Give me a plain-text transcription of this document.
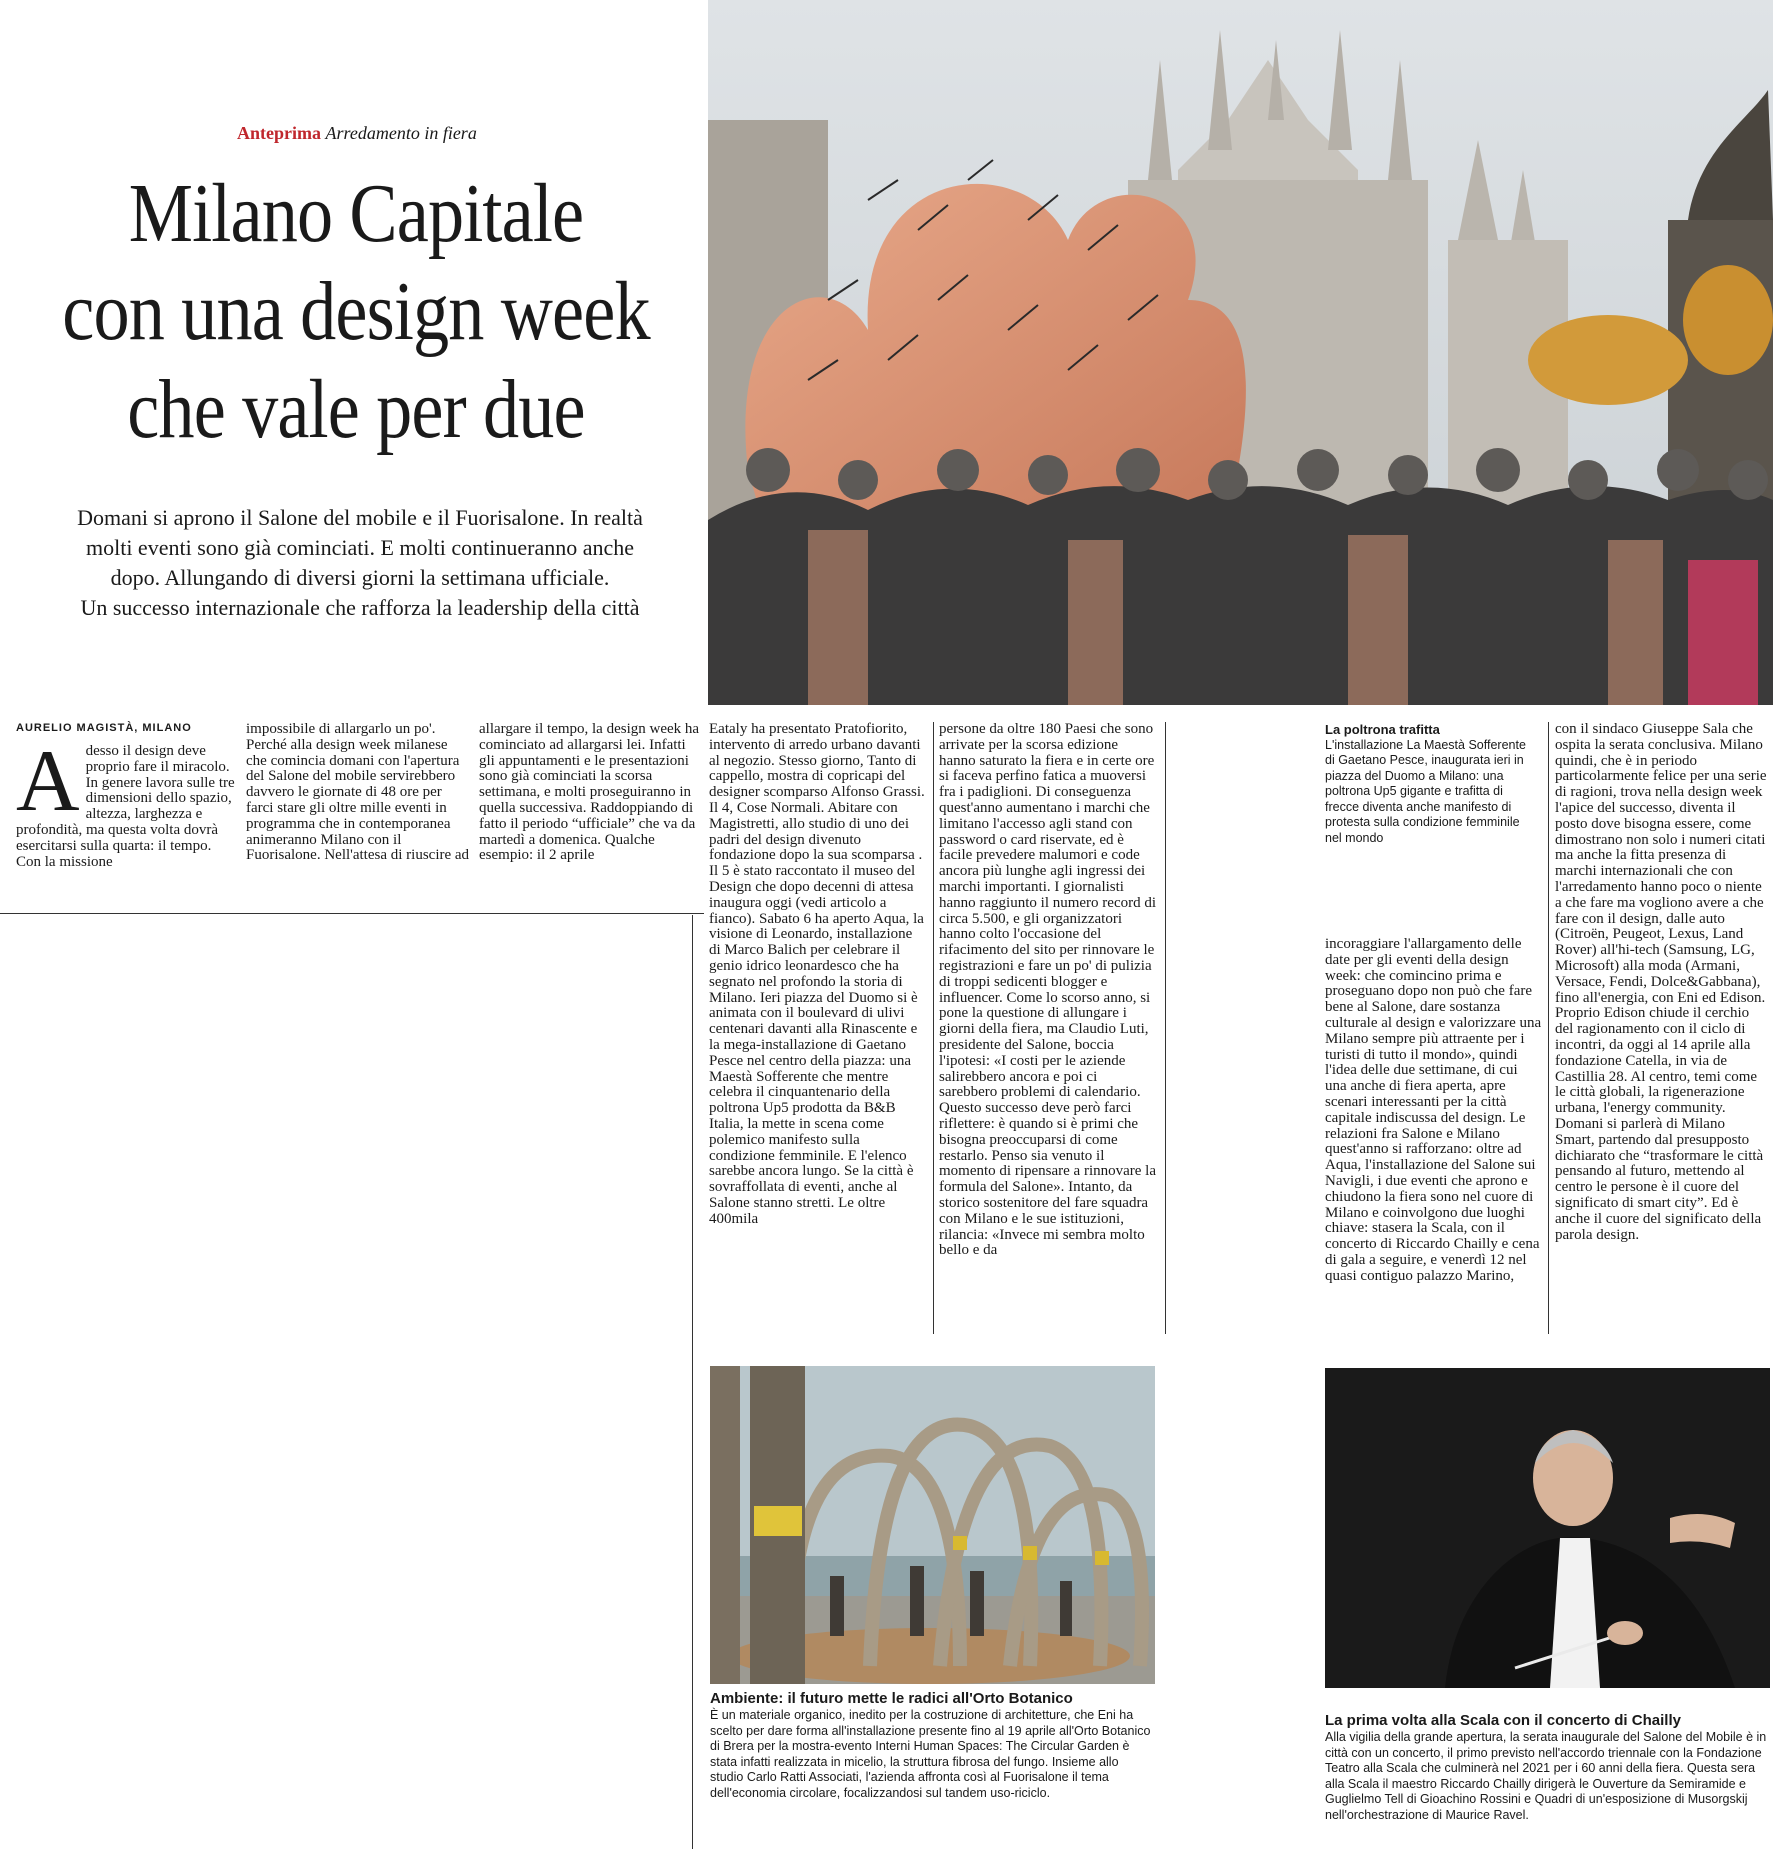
Anteprima Arredamento in fiera
Milano Capitale
con una design week
che vale per due
Domani si aprono il Salone del mobile e il Fuorisalone. In realtà
molti eventi sono già cominciati. E molti continueranno anche
dopo. Allungando di diversi giorni la settimana ufficiale.
Un successo internazionale che rafforza la leadership della città
AURELIO MAGISTÀ, MILANO
A desso il design deve proprio fare il miracolo. In genere lavora sulle tre dimensioni dello spazio, altezza, larghezza e profondità, ma questa volta dovrà esercitarsi sulla quarta: il tempo. Con la missione
impossibile di allargarlo un po'. Perché alla design week milanese che comincia domani con l'apertura del Salone del mobile servirebbero davvero le giornate di 48 ore per farci stare gli oltre mille eventi in programma che in contemporanea animeranno Milano con il Fuorisalone. Nell'attesa di riuscire ad
allargare il tempo, la design week ha cominciato ad allargarsi lei. Infatti gli appuntamenti e le presentazioni sono già cominciati la scorsa settimana, e molti proseguiranno in quella successiva. Raddoppiando di fatto il periodo “ufficiale” che va da martedì a domenica. Qualche esempio: il 2 aprile
Eataly ha presentato Pratofiorito, intervento di arredo urbano davanti al negozio. Stesso giorno, Tanto di cappello, mostra di copricapi del designer scomparso Alfonso Grassi. Il 4, Cose Normali. Abitare con Magistretti, allo studio di uno dei padri del design divenuto fondazione dopo la sua scomparsa . Il 5 è stato raccontato il museo del Design che dopo decenni di attesa inaugura oggi (vedi articolo a fianco). Sabato 6 ha aperto Aqua, la visione di Leonardo, installazione di Marco Balich per celebrare il genio idrico leonardesco che ha segnato nel profondo la storia di Milano. Ieri piazza del Duomo si è animata con il boulevard di ulivi centenari davanti alla Rinascente e la mega-installazione di Gaetano Pesce nel centro della piazza: una Maestà Sofferente che mentre celebra il cinquantenario della poltrona Up5 prodotta da B&B Italia, la mette in scena come polemico manifesto sulla condizione femminile. E l'elenco sarebbe ancora lungo. Se la città è sovraffollata di eventi, anche al Salone stanno stretti. Le oltre 400mila
persone da oltre 180 Paesi che sono arrivate per la scorsa edizione hanno saturato la fiera e in certe ore si faceva perfino fatica a muoversi fra i padiglioni. Di conseguenza quest'anno aumentano i marchi che limitano l'accesso agli stand con password o card riservate, ed è facile prevedere malumori e code ancora più lunghe agli ingressi dei marchi importanti. I giornalisti hanno raggiunto il numero record di circa 5.500, e gli organizzatori hanno colto l'occasione del rifacimento del sito per rinnovare le registrazioni e fare un po' di pulizia di troppi sedicenti blogger e influencer. Come lo scorso anno, si pone la questione di allungare i giorni della fiera, ma Claudio Luti, presidente del Salone, boccia l'ipotesi: «I costi per le aziende salirebbero ancora e poi ci sarebbero problemi di calendario. Questo successo deve però farci riflettere: è quando si è primi che bisogna preoccuparsi di come restarlo. Penso sia venuto il momento di ripensare a rinnovare la formula del Salone». Intanto, da storico sostenitore del fare squadra con Milano e le sue istituzioni, rilancia: «Invece mi sembra molto bello e da
La poltrona trafitta
L'installazione La Maestà Sofferente di Gaetano Pesce, inaugurata ieri in piazza del Duomo a Milano: una poltrona Up5 gigante e trafitta di frecce diventa anche manifesto di protesta sulla condizione femminile nel mondo
incoraggiare l'allargamento delle date per gli eventi della design week: che comincino prima e proseguano dopo non può che fare bene al Salone, dare sostanza culturale al design e valorizzare una Milano sempre più attraente per i turisti di tutto il mondo», quindi l'idea delle due settimane, di cui una anche di fiera aperta, apre scenari interessanti per la città capitale indiscussa del design. Le relazioni fra Salone e Milano quest'anno si rafforzano: oltre ad Aqua, l'installazione del Salone sui Navigli, i due eventi che aprono e chiudono la fiera sono nel cuore di Milano e coinvolgono due luoghi chiave: stasera la Scala, con il concerto di Riccardo Chailly e cena di gala a seguire, e venerdì 12 nel quasi contiguo palazzo Marino,
con il sindaco Giuseppe Sala che ospita la serata conclusiva. Milano quindi, che è in periodo particolarmente felice per una serie di ragioni, trova nella design week l'apice del successo, diventa il posto dove bisogna essere, come dimostrano non solo i numeri citati ma anche la fitta presenza di marchi internazionali che con l'arredamento hanno poco o niente a che fare ma vogliono avere a che fare con il design, dalle auto (Citroën, Peugeot, Lexus, Land Rover) all'hi-tech (Samsung, LG, Microsoft) alla moda (Armani, Versace, Fendi, Dolce&Gabbana), fino all'energia, con Eni ed Edison. Proprio Edison chiude il cerchio del ragionamento con il ciclo di incontri, da oggi al 14 aprile alla fondazione Catella, in via de Castillia 28. Al centro, temi come le città globali, la rigenerazione urbana, l'energy community. Domani si parlerà di Milano Smart, partendo dal presupposto dichiarato che “trasformare le città pensando al futuro, mettendo al centro le persone è il cuore del significato di smart city”. Ed è anche il cuore del significato della parola design.
Ambiente: il futuro mette le radici all'Orto Botanico
È un materiale organico, inedito per la costruzione di architetture, che Eni ha scelto per dare forma all'installazione presente fino al 19 aprile all'Orto Botanico di Brera per la mostra-evento Interni Human Spaces: The Circular Garden è stata infatti realizzata in micelio, la struttura fibrosa del fungo. Insieme allo studio Carlo Ratti Associati, l'azienda affronta così al Fuorisalone il tema dell'economia circolare, focalizzandosi sul tandem uso-riciclo.
La prima volta alla Scala con il concerto di Chailly
Alla vigilia della grande apertura, la serata inaugurale del Salone del Mobile è in città con un concerto, il primo previsto nell'accordo triennale con la Fondazione Teatro alla Scala che culminerà nel 2021 per i 60 anni della fiera. Questa sera alla Scala il maestro Riccardo Chailly dirigerà le Ouverture da Semiramide e Guglielmo Tell di Gioachino Rossini e Quadri di un'esposizione di Musorgskij nell'orchestrazione di Maurice Ravel.
